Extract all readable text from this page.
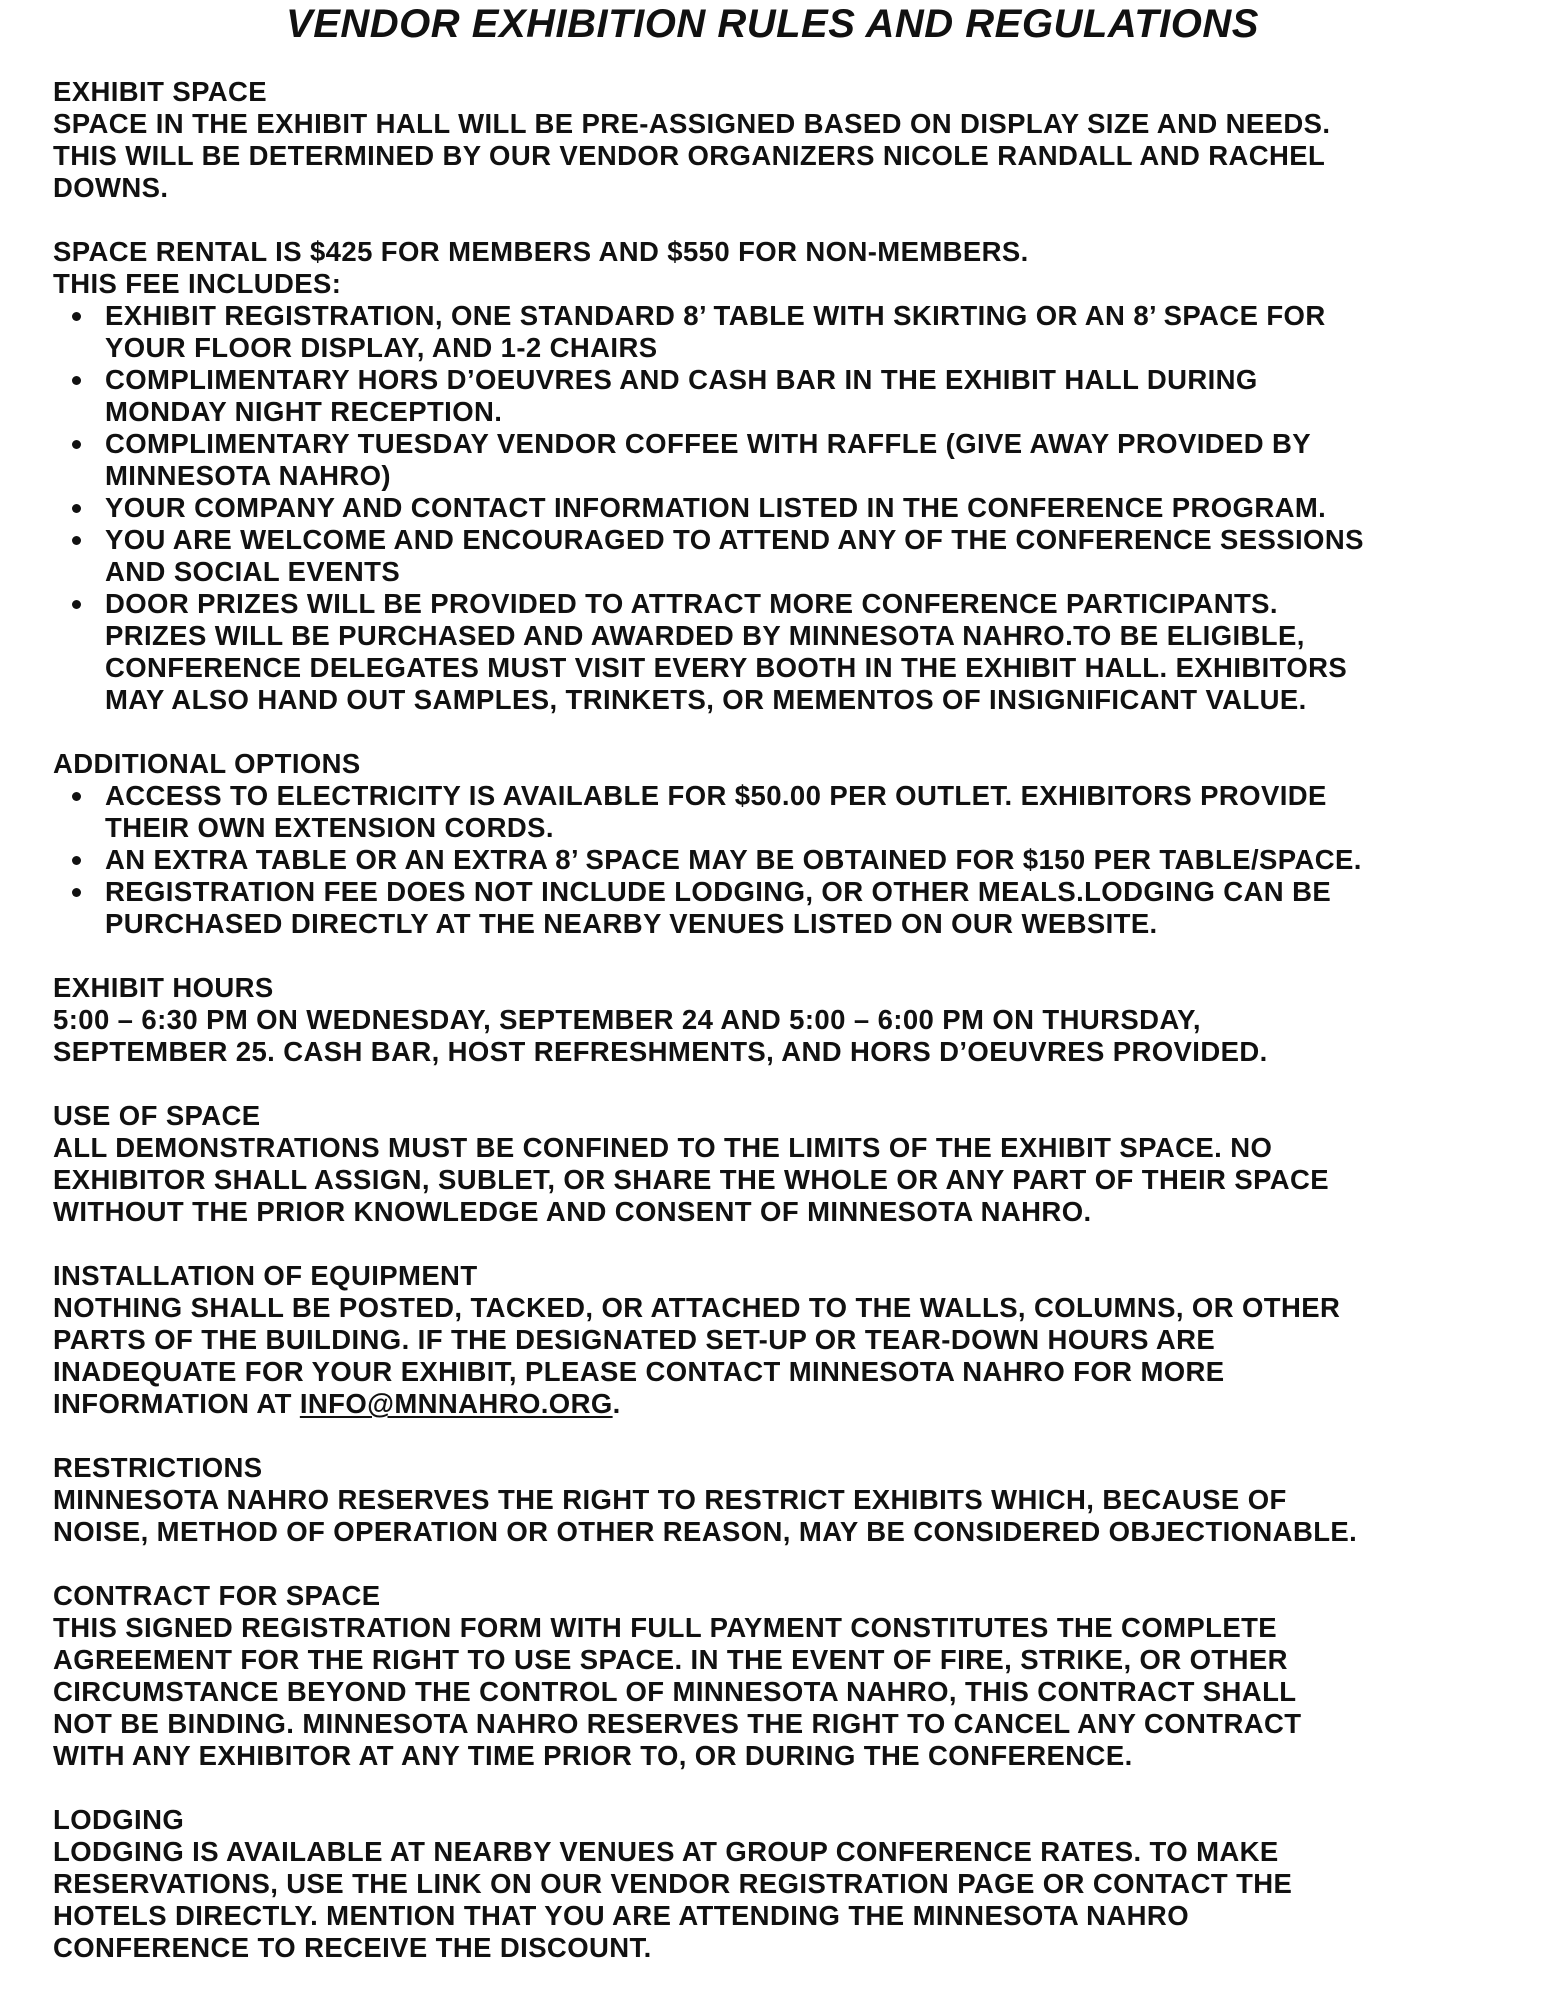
VENDOR EXHIBITION RULES AND REGULATIONS
EXHIBIT SPACE
SPACE IN THE EXHIBIT HALL WILL BE PRE-ASSIGNED BASED ON DISPLAY SIZE AND NEEDS.
THIS WILL BE DETERMINED BY OUR VENDOR ORGANIZERS NICOLE RANDALL AND RACHEL
DOWNS.
SPACE RENTAL IS $425 FOR MEMBERS AND $550 FOR NON-MEMBERS.
THIS FEE INCLUDES:
EXHIBIT REGISTRATION, ONE STANDARD 8’ TABLE WITH SKIRTING OR AN 8’ SPACE FOR
YOUR FLOOR DISPLAY, AND 1-2 CHAIRS
COMPLIMENTARY HORS D’OEUVRES AND CASH BAR IN THE EXHIBIT HALL DURING
MONDAY NIGHT RECEPTION.
COMPLIMENTARY TUESDAY VENDOR COFFEE WITH RAFFLE (GIVE AWAY PROVIDED BY
MINNESOTA NAHRO)
YOUR COMPANY AND CONTACT INFORMATION LISTED IN THE CONFERENCE PROGRAM.
YOU ARE WELCOME AND ENCOURAGED TO ATTEND ANY OF THE CONFERENCE SESSIONS
AND SOCIAL EVENTS
DOOR PRIZES WILL BE PROVIDED TO ATTRACT MORE CONFERENCE PARTICIPANTS.
PRIZES WILL BE PURCHASED AND AWARDED BY MINNESOTA NAHRO.TO BE ELIGIBLE,
CONFERENCE DELEGATES MUST VISIT EVERY BOOTH IN THE EXHIBIT HALL. EXHIBITORS
MAY ALSO HAND OUT SAMPLES, TRINKETS, OR MEMENTOS OF INSIGNIFICANT VALUE.
ADDITIONAL OPTIONS
ACCESS TO ELECTRICITY IS AVAILABLE FOR $50.00 PER OUTLET. EXHIBITORS PROVIDE
THEIR OWN EXTENSION CORDS.
AN EXTRA TABLE OR AN EXTRA 8’ SPACE MAY BE OBTAINED FOR $150 PER TABLE/SPACE.
REGISTRATION FEE DOES NOT INCLUDE LODGING, OR OTHER MEALS.LODGING CAN BE
PURCHASED DIRECTLY AT THE NEARBY VENUES LISTED ON OUR WEBSITE.
EXHIBIT HOURS
5:00 – 6:30 PM ON WEDNESDAY, SEPTEMBER 24 AND 5:00 – 6:00 PM ON THURSDAY,
SEPTEMBER 25. CASH BAR, HOST REFRESHMENTS, AND HORS D’OEUVRES PROVIDED.
USE OF SPACE
ALL DEMONSTRATIONS MUST BE CONFINED TO THE LIMITS OF THE EXHIBIT SPACE. NO
EXHIBITOR SHALL ASSIGN, SUBLET, OR SHARE THE WHOLE OR ANY PART OF THEIR SPACE
WITHOUT THE PRIOR KNOWLEDGE AND CONSENT OF MINNESOTA NAHRO.
INSTALLATION OF EQUIPMENT
NOTHING SHALL BE POSTED, TACKED, OR ATTACHED TO THE WALLS, COLUMNS, OR OTHER
PARTS OF THE BUILDING. IF THE DESIGNATED SET-UP OR TEAR-DOWN HOURS ARE
INADEQUATE FOR YOUR EXHIBIT, PLEASE CONTACT MINNESOTA NAHRO FOR MORE
INFORMATION AT INFO@MNNAHRO.ORG.
RESTRICTIONS
MINNESOTA NAHRO RESERVES THE RIGHT TO RESTRICT EXHIBITS WHICH, BECAUSE OF
NOISE, METHOD OF OPERATION OR OTHER REASON, MAY BE CONSIDERED OBJECTIONABLE.
CONTRACT FOR SPACE
THIS SIGNED REGISTRATION FORM WITH FULL PAYMENT CONSTITUTES THE COMPLETE
AGREEMENT FOR THE RIGHT TO USE SPACE. IN THE EVENT OF FIRE, STRIKE, OR OTHER
CIRCUMSTANCE BEYOND THE CONTROL OF MINNESOTA NAHRO, THIS CONTRACT SHALL
NOT BE BINDING. MINNESOTA NAHRO RESERVES THE RIGHT TO CANCEL ANY CONTRACT
WITH ANY EXHIBITOR AT ANY TIME PRIOR TO, OR DURING THE CONFERENCE.
LODGING
LODGING IS AVAILABLE AT NEARBY VENUES AT GROUP CONFERENCE RATES. TO MAKE
RESERVATIONS, USE THE LINK ON OUR VENDOR REGISTRATION PAGE OR CONTACT THE
HOTELS DIRECTLY. MENTION THAT YOU ARE ATTENDING THE MINNESOTA NAHRO
CONFERENCE TO RECEIVE THE DISCOUNT.
